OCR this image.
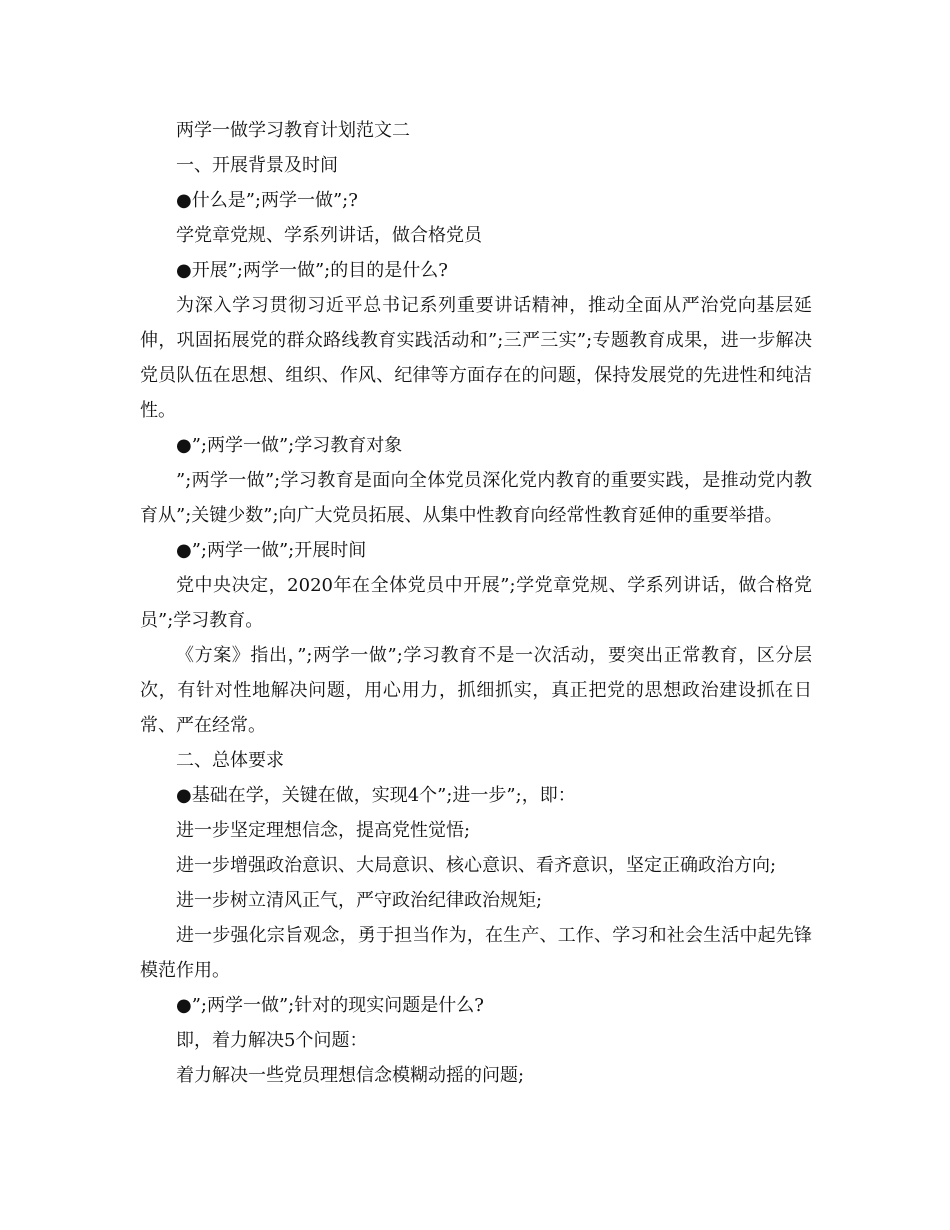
两学一做学习教育计划范文二

一、开展背景及时间

●什么是”;两学一做”;?

学党章党规、学系列讲话，做合格党员

●开展”;两学一做”;的目的是什么?

为深入学习贯彻习近平总书记系列重要讲话精神，推动全面从严治党向基层延伸，巩固拓展党的群众路线教育实践活动和”;三严三实”;专题教育成果，进一步解决党员队伍在思想、组织、作风、纪律等方面存在的问题，保持发展党的先进性和纯洁性。

●”;两学一做”;学习教育对象

”;两学一做”;学习教育是面向全体党员深化党内教育的重要实践，是推动党内教育从”;关键少数”;向广大党员拓展、从集中性教育向经常性教育延伸的重要举措。

●”;两学一做”;开展时间

党中央决定，2020年在全体党员中开展”;学党章党规、学系列讲话，做合格党员”;学习教育。

《方案》指出，”;两学一做”;学习教育不是一次活动，要突出正常教育，区分层次，有针对性地解决问题，用心用力，抓细抓实，真正把党的思想政治建设抓在日常、严在经常。

二、总体要求

●基础在学，关键在做，实现4个”;进一步”;，即：

进一步坚定理想信念，提高党性觉悟;

进一步增强政治意识、大局意识、核心意识、看齐意识，坚定正确政治方向;

进一步树立清风正气，严守政治纪律政治规矩;

进一步强化宗旨观念，勇于担当作为，在生产、工作、学习和社会生活中起先锋模范作用。

●”;两学一做”;针对的现实问题是什么?

即，着力解决5个问题：

着力解决一些党员理想信念模糊动摇的问题;
